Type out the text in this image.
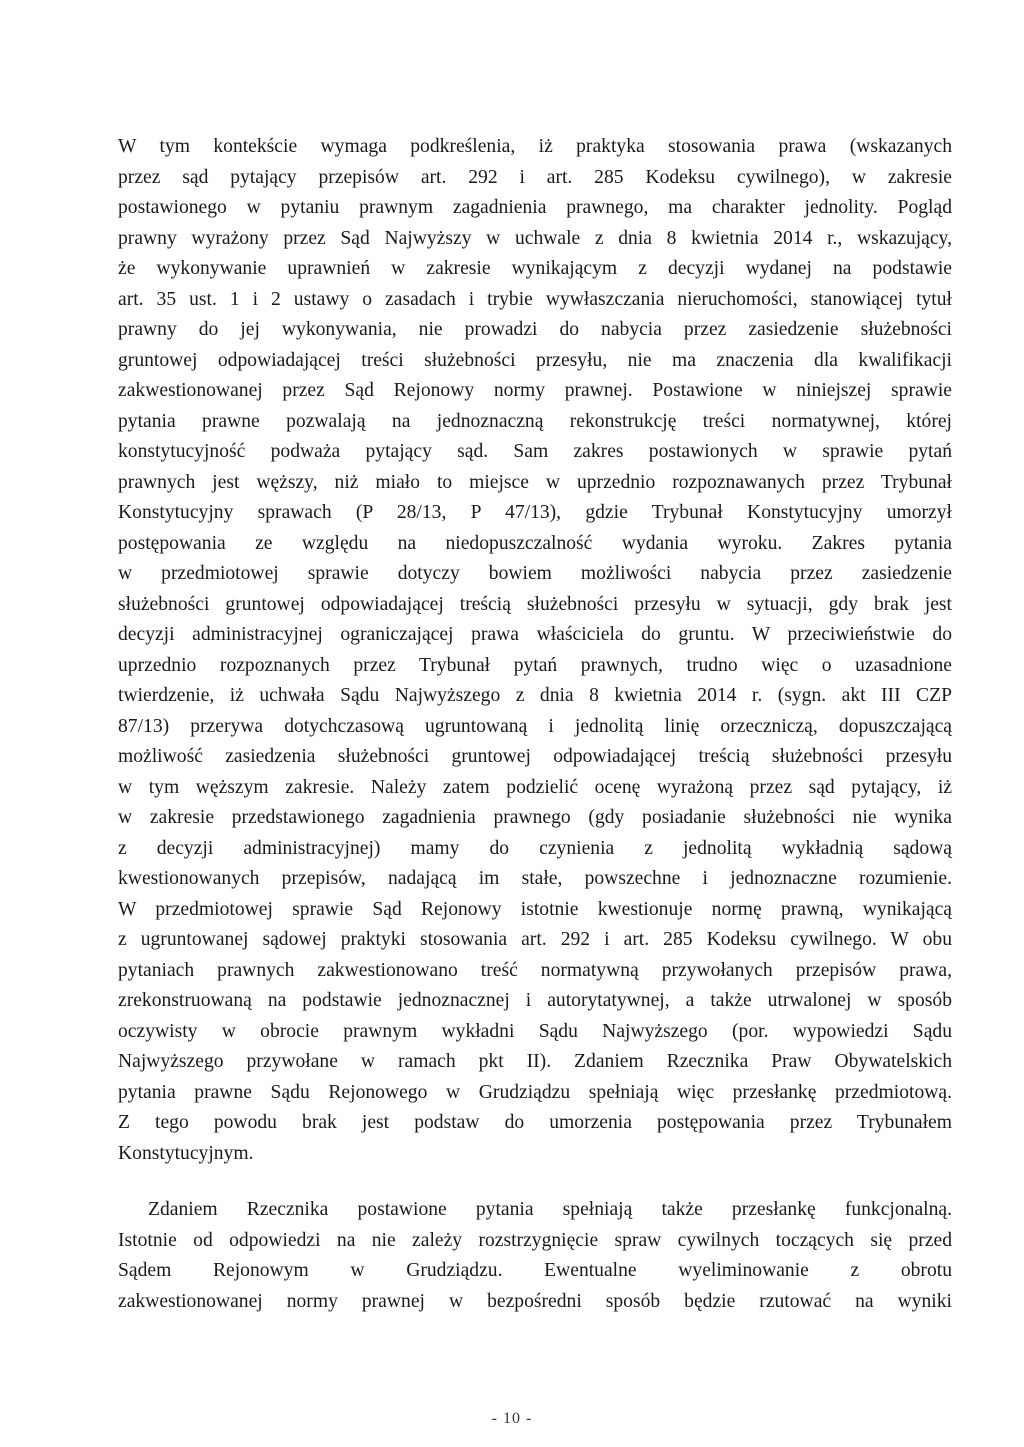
W tym kontekście wymaga podkreślenia, iż praktyka stosowania prawa (wskazanych
przez sąd pytający przepisów art. 292 i art. 285 Kodeksu cywilnego), w zakresie
postawionego w pytaniu prawnym zagadnienia prawnego, ma charakter jednolity. Pogląd
prawny wyrażony przez Sąd Najwyższy w uchwale z dnia 8 kwietnia 2014 r., wskazujący,
że wykonywanie uprawnień w zakresie wynikającym z decyzji wydanej na podstawie
art. 35 ust. 1 i 2 ustawy o zasadach i trybie wywłaszczania nieruchomości, stanowiącej tytuł
prawny do jej wykonywania, nie prowadzi do nabycia przez zasiedzenie służebności
gruntowej odpowiadającej treści służebności przesyłu, nie ma znaczenia dla kwalifikacji
zakwestionowanej przez Sąd Rejonowy normy prawnej. Postawione w niniejszej sprawie
pytania prawne pozwalają na jednoznaczną rekonstrukcję treści normatywnej, której
konstytucyjność podważa pytający sąd. Sam zakres postawionych w sprawie pytań
prawnych jest węższy, niż miało to miejsce w uprzednio rozpoznawanych przez Trybunał
Konstytucyjny sprawach (P 28/13, P 47/13), gdzie Trybunał Konstytucyjny umorzył
postępowania ze względu na niedopuszczalność wydania wyroku. Zakres pytania
w przedmiotowej sprawie dotyczy bowiem możliwości nabycia przez zasiedzenie
służebności gruntowej odpowiadającej treścią służebności przesyłu w sytuacji, gdy brak jest
decyzji administracyjnej ograniczającej prawa właściciela do gruntu. W przeciwieństwie do
uprzednio rozpoznanych przez Trybunał pytań prawnych, trudno więc o uzasadnione
twierdzenie, iż uchwała Sądu Najwyższego z dnia 8 kwietnia 2014 r. (sygn. akt III CZP
87/13) przerywa dotychczasową ugruntowaną i jednolitą linię orzeczniczą, dopuszczającą
możliwość zasiedzenia służebności gruntowej odpowiadającej treścią służebności przesyłu
w tym węższym zakresie. Należy zatem podzielić ocenę wyrażoną przez sąd pytający, iż
w zakresie przedstawionego zagadnienia prawnego (gdy posiadanie służebności nie wynika
z decyzji administracyjnej) mamy do czynienia z jednolitą wykładnią sądową
kwestionowanych przepisów, nadającą im stałe, powszechne i jednoznaczne rozumienie.
W przedmiotowej sprawie Sąd Rejonowy istotnie kwestionuje normę prawną, wynikającą
z ugruntowanej sądowej praktyki stosowania art. 292 i art. 285 Kodeksu cywilnego. W obu
pytaniach prawnych zakwestionowano treść normatywną przywołanych przepisów prawa,
zrekonstruowaną na podstawie jednoznacznej i autorytatywnej, a także utrwalonej w sposób
oczywisty w obrocie prawnym wykładni Sądu Najwyższego (por. wypowiedzi Sądu
Najwyższego przywołane w ramach pkt II). Zdaniem Rzecznika Praw Obywatelskich
pytania prawne Sądu Rejonowego w Grudziądzu spełniają więc przesłankę przedmiotową.
Z tego powodu brak jest podstaw do umorzenia postępowania przez Trybunałem
Konstytucyjnym.
Zdaniem Rzecznika postawione pytania spełniają także przesłankę funkcjonalną.
Istotnie od odpowiedzi na nie zależy rozstrzygnięcie spraw cywilnych toczących się przed
Sądem Rejonowym w Grudziądzu. Ewentualne wyeliminowanie z obrotu
zakwestionowanej normy prawnej w bezpośredni sposób będzie rzutować na wyniki
- 10 -
